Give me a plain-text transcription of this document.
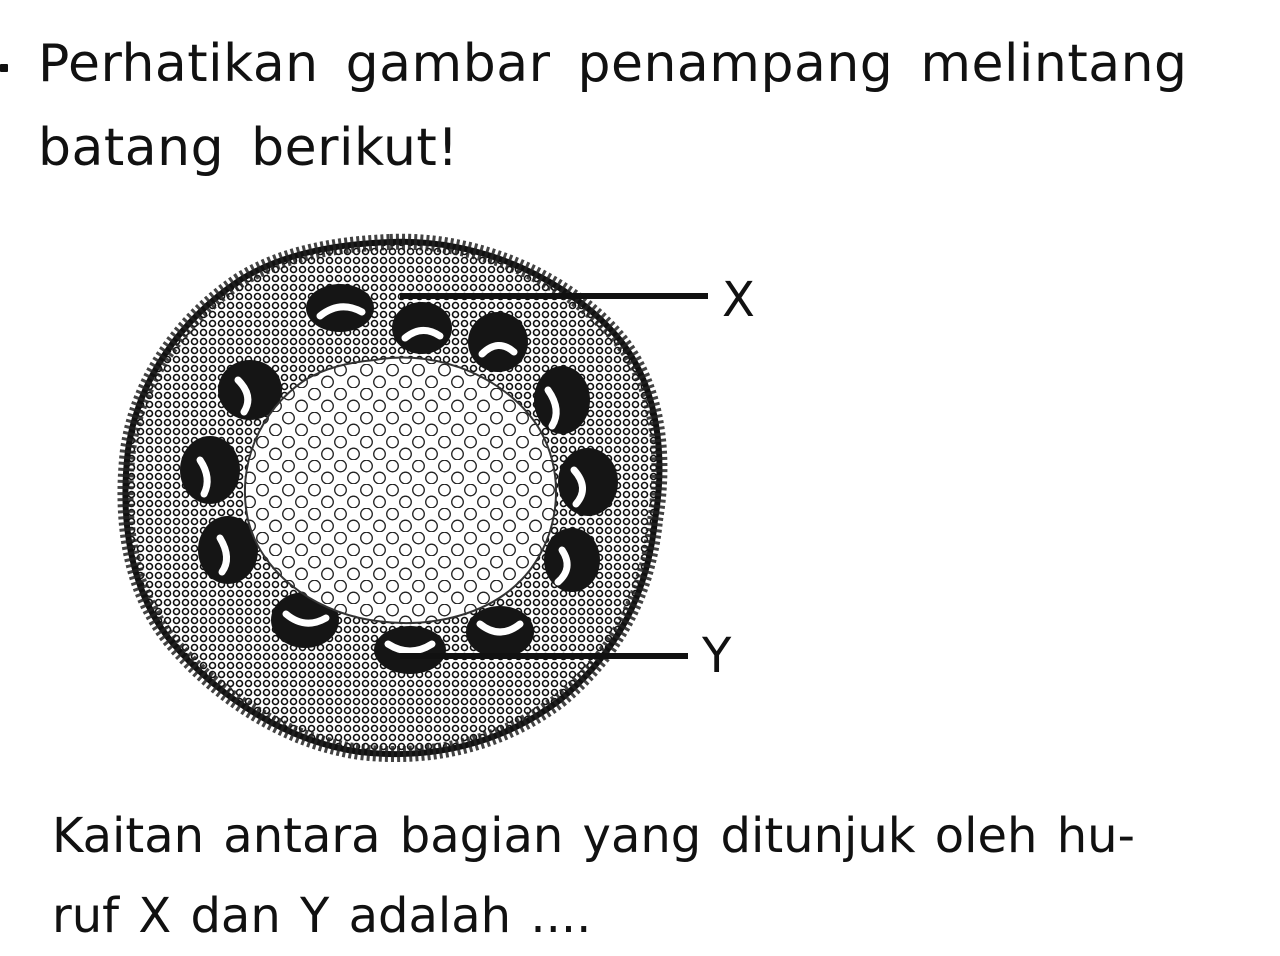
Perhatikan gambar penampang melintang
batang berikut!
X
Y
Kaitan antara bagian yang ditunjuk oleh hu-
ruf X dan Y adalah ....
